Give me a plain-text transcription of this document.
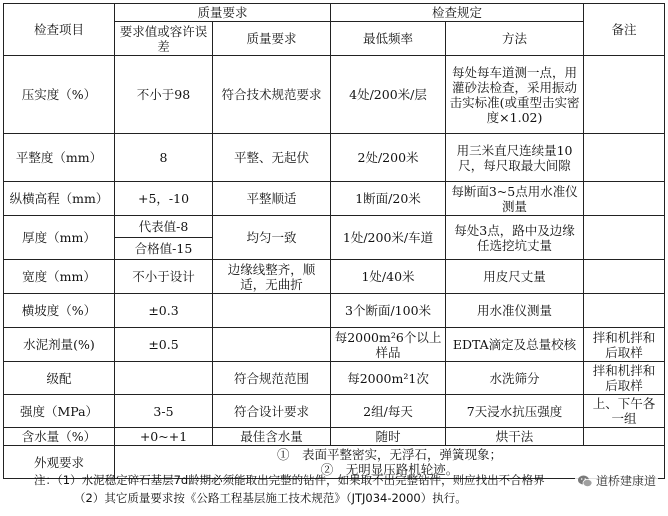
检查项目	质量要求		检查规定		备注
	要求值或容许误差	质量要求	最低频率	方法	
压实度（%）	不小于98	符合技术规范要求	4处/200米/层	每处每车道测一点，用灌砂法检查，采用振动击实标准(或重型击实密度×1.02)	
平整度（mm）	8	平整、无起伏	2处/200米	用三米直尺连续量10尺，每尺取最大间隙	
纵横高程（mm）	+5，-10	平整顺适	1断面/20米	每断面3~5点用水准仪测量	
厚度（mm）	代表值-8	均匀一致	1处/200米/车道	每处3点，路中及边缘任选挖坑丈量	
	合格值-15				
宽度（mm）	不小于设计	边缘线整齐，顺适，无曲折	1处/40米	用皮尺丈量	
横坡度（%）	±0.3		3个断面/100米	用水准仪测量	
水泥剂量(%)	±0.5		每2000m²6个以上样品	EDTA滴定及总量校核	拌和机拌和后取样
级配		符合规范范围	每2000m²1次	水洗筛分	拌和机拌和后取样
强度（MPa）	3-5	符合设计要求	2组/每天	7天浸水抗压强度	上、下午各一组
含水量（%）	+0~+1	最佳含水量	随时	烘干法	
外观要求	①　表面平整密实，无浮石，弹簧现象；
②　无明显压路机轮迹。				
注：（1）水泥稳定碎石基层7d龄期必须能取出完整的钻件，如果取不出完整钻件，则应找出不合格界
（2）其它质量要求按《公路工程基层施工技术规范》（JTJ034-2000）执行。
道桥建康道
